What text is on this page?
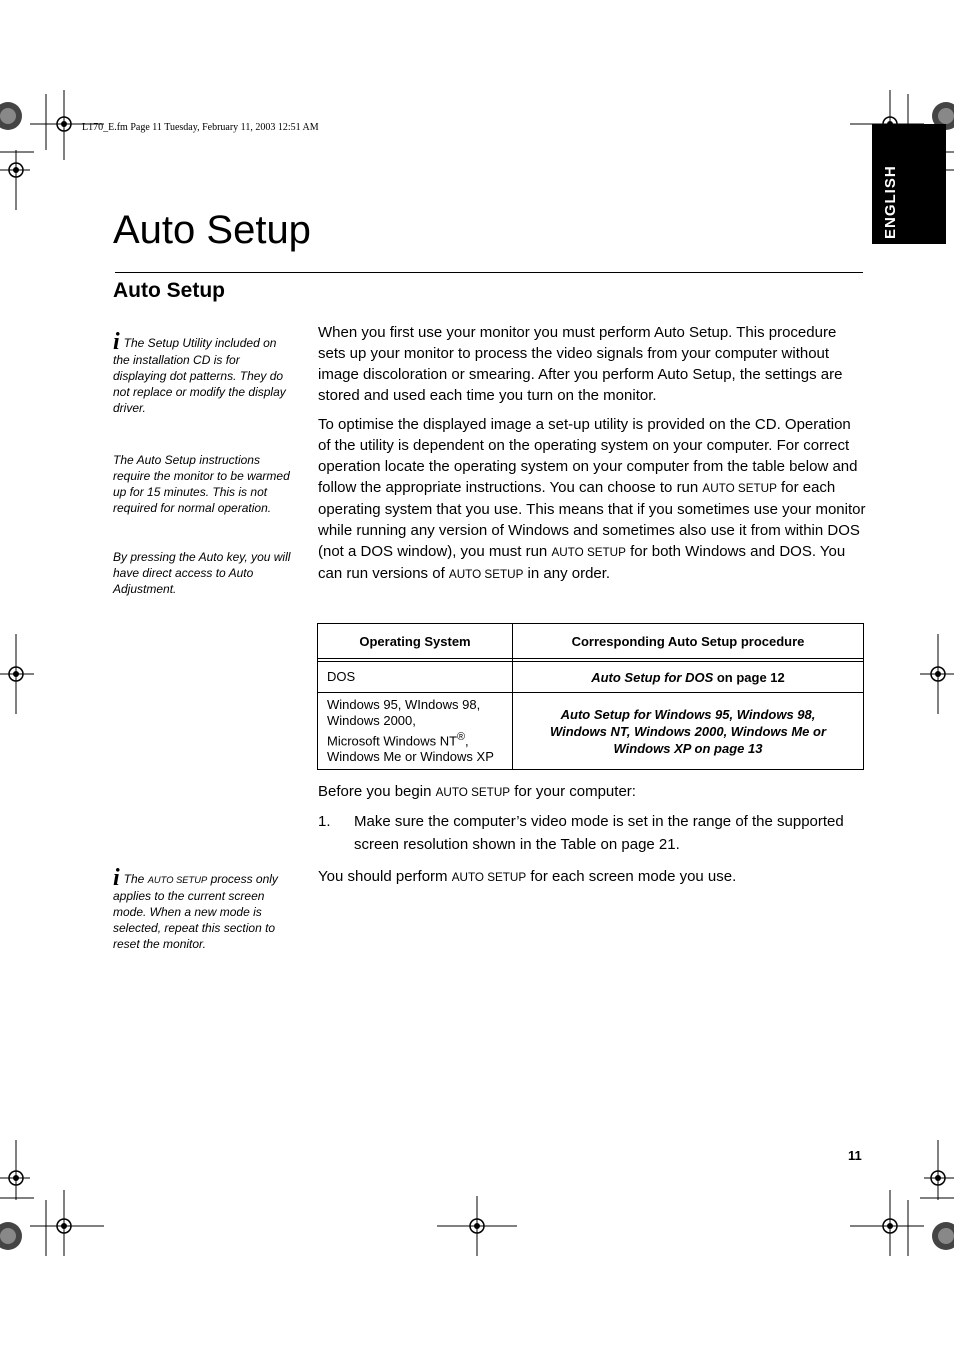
L170_E.fm Page 11 Tuesday, February 11, 2003 12:51 AM
ENGLISH
Auto Setup
Auto Setup

i The Setup Utility included on the installation CD is for displaying dot patterns. They do not replace or modify the display driver.

The Auto Setup instructions require the monitor to be warmed up for 15 minutes. This is not required for normal operation.

By pressing the Auto key, you will have direct access to Auto Adjustment.

i The AUTO SETUP process only applies to the current screen mode. When a new mode is selected, repeat this section to reset the monitor.

When you first use your monitor you must perform Auto Setup. This procedure sets up your monitor to process the video signals from your computer without image discoloration or smearing. After you perform Auto Setup, the settings are stored and used each time you turn on the monitor.

To optimise the displayed image a set-up utility is provided on the CD. Operation of the utility is dependent on the operating system on your computer. For correct operation locate the operating system on your computer from the table below and follow the appropriate instructions. You can choose to run AUTO SETUP for each operating system that you use. This means that if you sometimes use your monitor while running any version of Windows and sometimes also use it from within DOS (not a DOS window), you must run AUTO SETUP for both Windows and DOS. You can run versions of AUTO SETUP in any order.

Operating System	Corresponding Auto Setup procedure

DOS	Auto Setup for DOS on page 12
Windows 95, WIndows 98, Windows 2000,
Microsoft Windows NT®,
Windows Me or Windows XP	Auto Setup for Windows 95, Windows 98, Windows NT, Windows 2000, Windows Me or Windows XP on page 13

Before you begin AUTO SETUP for your computer:

1. Make sure the computer’s video mode is set in the range of the supported screen resolution shown in the Table on page 21.

You should perform AUTO SETUP for each screen mode you use.

11
